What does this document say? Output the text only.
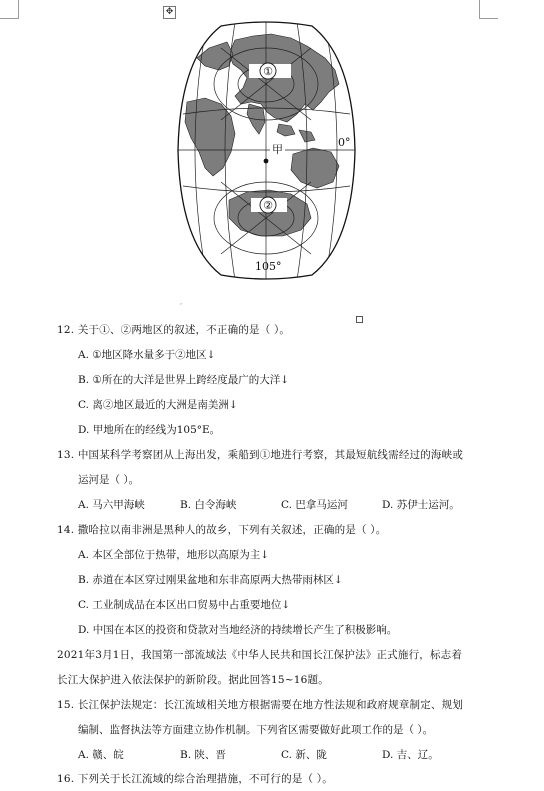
✥
①
②
甲
0°
105°
,
12. 关于①、②两地区的叙述，不正确的是（ ）。
A. ①地区降水量多于②地区↓
B. ①所在的大洋是世界上跨经度最广的大洋↓
C. 离②地区最近的大洲是南美洲↓
D. 甲地所在的经线为105°E。
13. 中国某科学考察团从上海出发，乘船到①地进行考察，其最短航线需经过的海峡或
运河是（ ）。
A. 马六甲海峡	B. 白令海峡	C. 巴拿马运河	D. 苏伊士运河。
14. 撒哈拉以南非洲是黑种人的故乡，下列有关叙述，正确的是（ ）。
A. 本区全部位于热带，地形以高原为主↓
B. 赤道在本区穿过刚果盆地和东非高原两大热带雨林区↓
C. 工业制成品在本区出口贸易中占重要地位↓
D. 中国在本区的投资和贷款对当地经济的持续增长产生了积极影响。
2021年3月1日，我国第一部流域法《中华人民共和国长江保护法》正式施行，标志着
长江大保护进入依法保护的新阶段。据此回答15~16题。
15. 长江保护法规定：长江流域相关地方根据需要在地方性法规和政府规章制定、规划
编制、监督执法等方面建立协作机制。下列省区需要做好此项工作的是（ ）。
A. 赣、皖	B. 陕、晋	C. 新、陇	D. 吉、辽。
16. 下列关于长江流域的综合治理措施，不可行的是（ ）。
